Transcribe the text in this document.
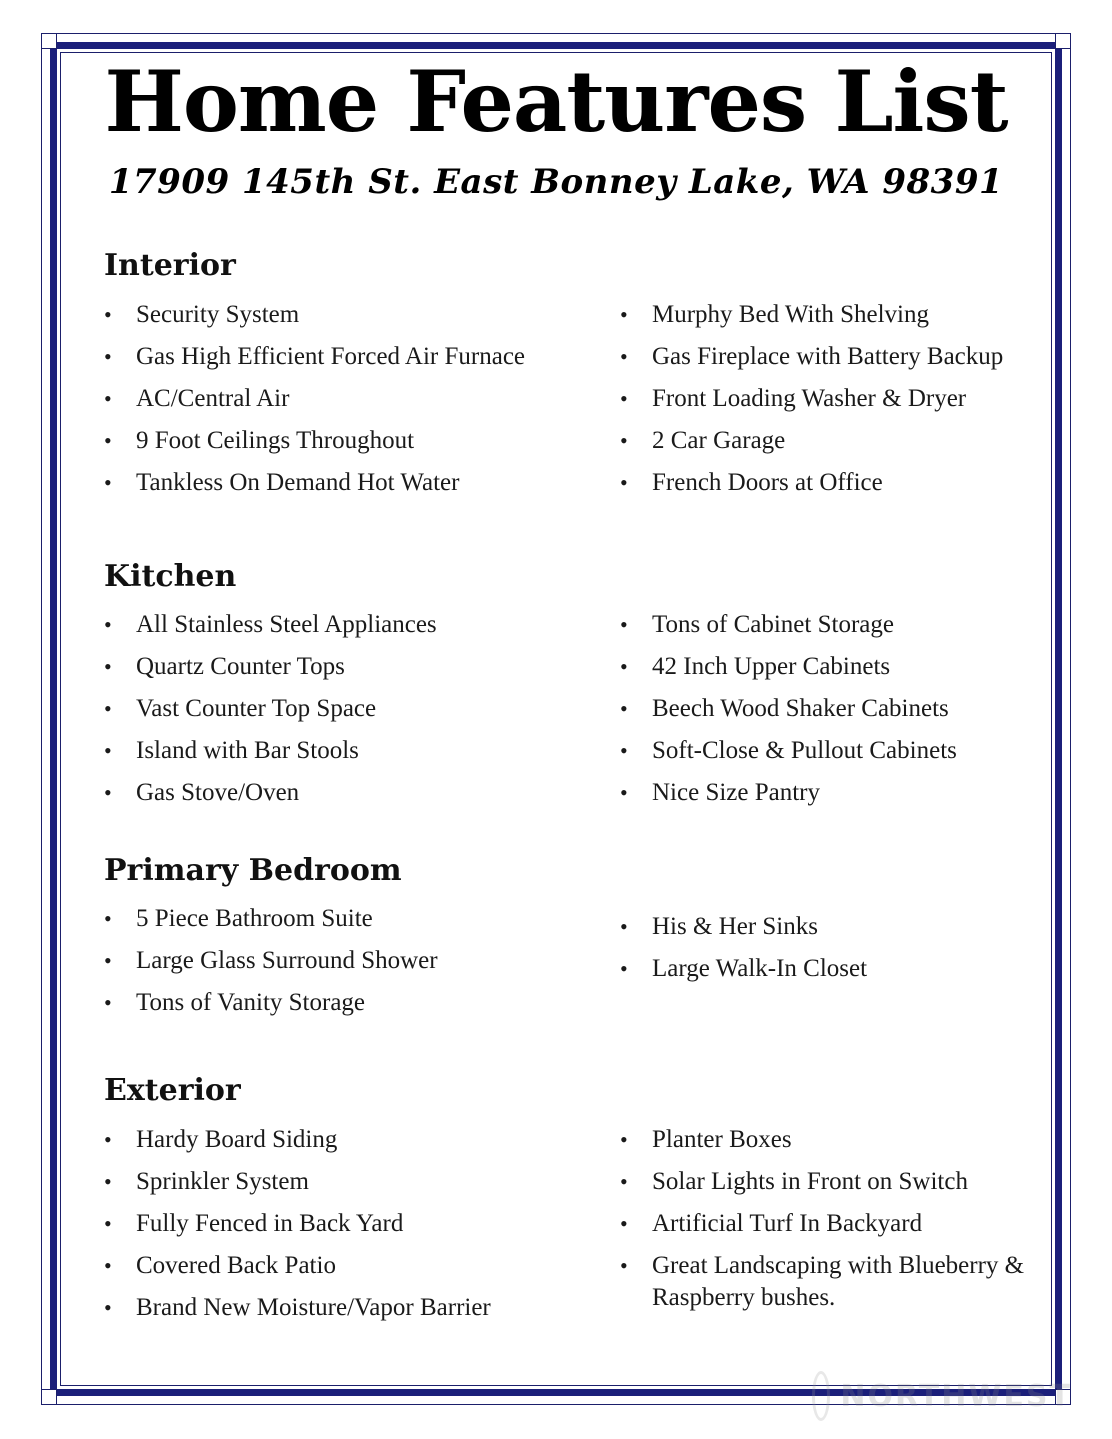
Home Features List
17909 145th St. East Bonney Lake, WA 98391
Interior
• Security System
• Gas High Efficient Forced Air Furnace
• AC/Central Air
• 9 Foot Ceilings Throughout
• Tankless On Demand Hot Water
• Murphy Bed With Shelving
• Gas Fireplace with Battery Backup
• Front Loading Washer & Dryer
• 2 Car Garage
• French Doors at Office
Kitchen
• All Stainless Steel Appliances
• Quartz Counter Tops
• Vast Counter Top Space
• Island with Bar Stools
• Gas Stove/Oven
• Tons of Cabinet Storage
• 42 Inch Upper Cabinets
• Beech Wood Shaker Cabinets
• Soft-Close & Pullout Cabinets
• Nice Size Pantry
Primary Bedroom
• 5 Piece Bathroom Suite
• Large Glass Surround Shower
• Tons of Vanity Storage
• His & Her Sinks
• Large Walk-In Closet
Exterior
• Hardy Board Siding
• Sprinkler System
• Fully Fenced in Back Yard
• Covered Back Patio
• Brand New Moisture/Vapor Barrier
• Planter Boxes
• Solar Lights in Front on Switch
• Artificial Turf In Backyard
• Great Landscaping with Blueberry & Raspberry bushes.
NORTHWEST
